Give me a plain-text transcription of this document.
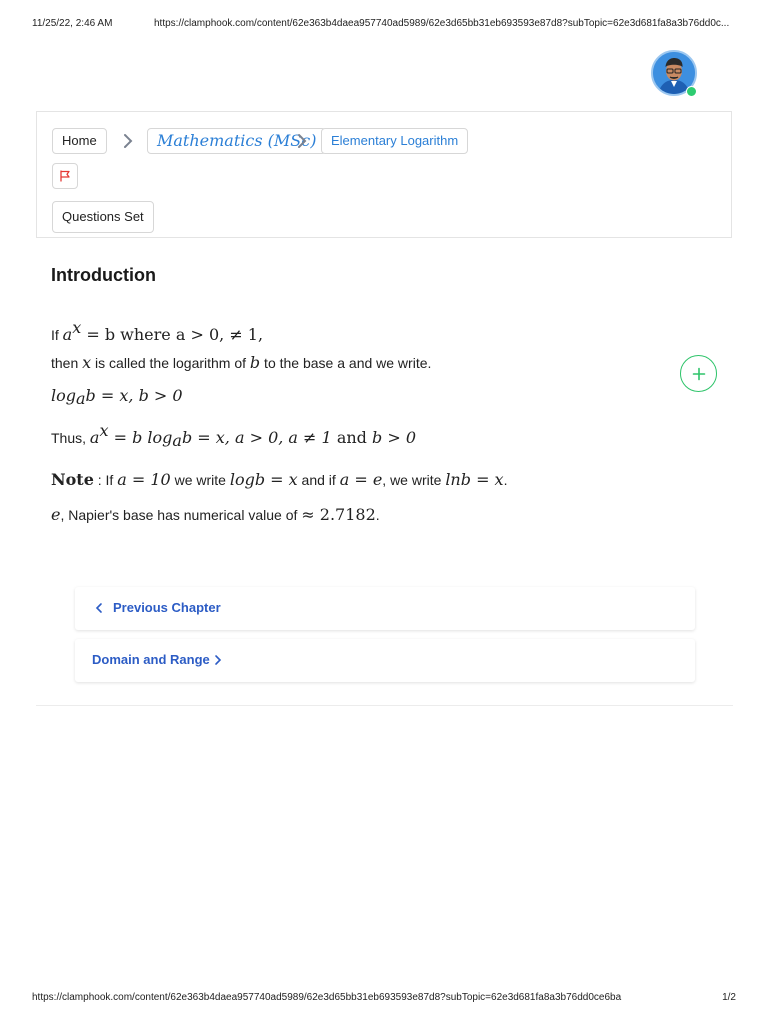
11/25/22, 2:46 AM	https://clamphook.com/content/62e363b4daea957740ad5989/62e3d65bb31eb693593e87d8?subTopic=62e3d681fa8a3b76dd0c...
Home	Mathematics (MSc)	Elementary Logarithm
Questions Set
Introduction
If $a^x = b$ where a > 0, ≠ 1,
then x is called the logarithm of b to the base a and we write.
$\log_ab = x$, b > 0
Thus, $a^x = b$ $\log_ab = x$, a > 0, a ≠ 1 and b > 0
Note : If a = 10 we write logb = x and if a = e, we write lnb = x.
e, Napier's base has numerical value of ≈ 2.7182.
Previous Chapter
Domain and Range
https://clamphook.com/content/62e363b4daea957740ad5989/62e3d65bb31eb693593e87d8?subTopic=62e3d681fa8a3b76dd0ce6ba	1/2
